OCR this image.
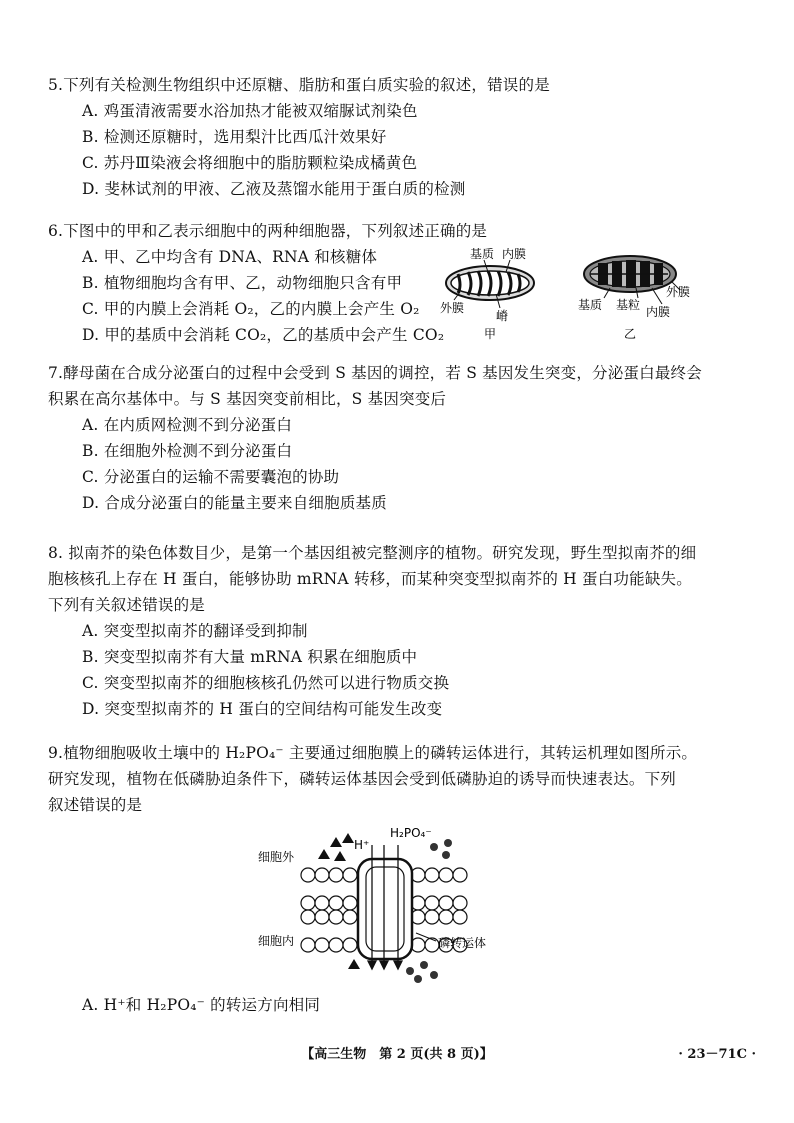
5.下列有关检测生物组织中还原糖、脂肪和蛋白质实验的叙述，错误的是
A. 鸡蛋清液需要水浴加热才能被双缩脲试剂染色
B. 检测还原糖时，选用梨汁比西瓜汁效果好
C. 苏丹Ⅲ染液会将细胞中的脂肪颗粒染成橘黄色
D. 斐林试剂的甲液、乙液及蒸馏水能用于蛋白质的检测
6.下图中的甲和乙表示细胞中的两种细胞器，下列叙述正确的是
A. 甲、乙中均含有 DNA、RNA 和核糖体
B. 植物细胞均含有甲、乙，动物细胞只含有甲
C. 甲的内膜上会消耗 O₂，乙的内膜上会产生 O₂
D. 甲的基质中会消耗 CO₂，乙的基质中会产生 CO₂
基质 内膜
外膜
嵴
甲
外膜
基质 基粒 内膜
乙
7.酵母菌在合成分泌蛋白的过程中会受到 S 基因的调控，若 S 基因发生突变，分泌蛋白最终会
积累在高尔基体中。与 S 基因突变前相比，S 基因突变后
A. 在内质网检测不到分泌蛋白
B. 在细胞外检测不到分泌蛋白
C. 分泌蛋白的运输不需要囊泡的协助
D. 合成分泌蛋白的能量主要来自细胞质基质
8. 拟南芥的染色体数目少，是第一个基因组被完整测序的植物。研究发现，野生型拟南芥的细
胞核核孔上存在 H 蛋白，能够协助 mRNA 转移，而某种突变型拟南芥的 H 蛋白功能缺失。
下列有关叙述错误的是
A. 突变型拟南芥的翻译受到抑制
B. 突变型拟南芥有大量 mRNA 积累在细胞质中
C. 突变型拟南芥的细胞核核孔仍然可以进行物质交换
D. 突变型拟南芥的 H 蛋白的空间结构可能发生改变
9.植物细胞吸收土壤中的 H₂PO₄⁻ 主要通过细胞膜上的磷转运体进行，其转运机理如图所示。
研究发现，植物在低磷胁迫条件下，磷转运体基因会受到低磷胁迫的诱导而快速表达。下列
叙述错误的是
H⁺
H₂PO₄⁻
细胞外
细胞内	磷转运体
A. H⁺和 H₂PO₄⁻ 的转运方向相同
【高三生物　第 2 页(共 8 页)】	· 23－71C ·
